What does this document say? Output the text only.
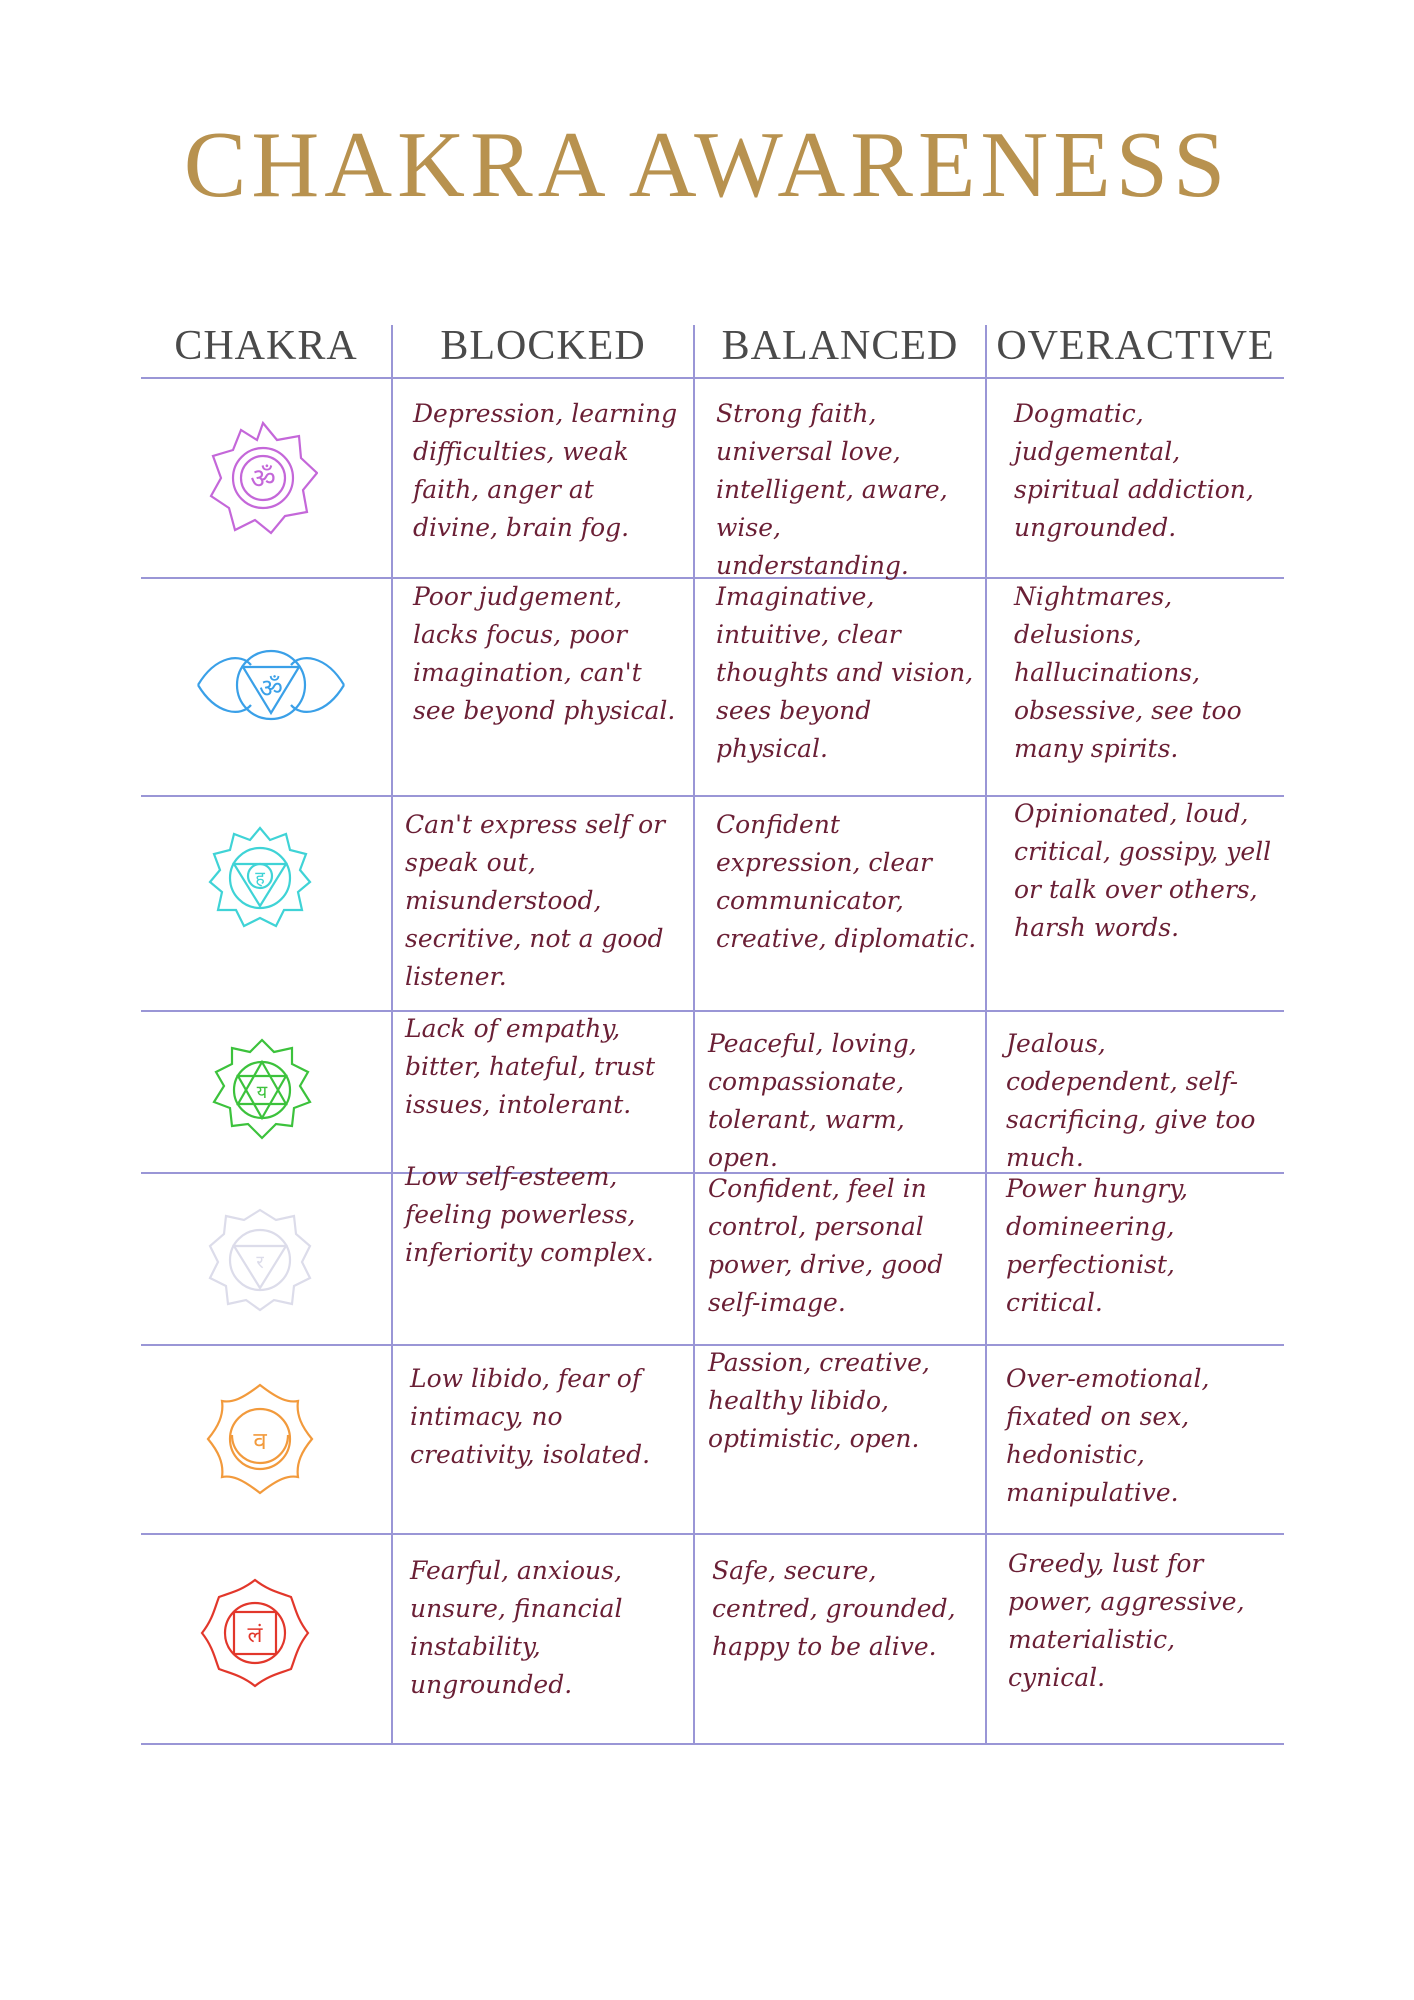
CHAKRA AWARENESS
CHAKRA	BLOCKED	BALANCED OVERACTIVE
ॐ
Depression, learning difficulties, weak faith, anger at divine, brain fog.
Strong faith, universal love, intelligent, aware, wise, understanding.
Dogmatic, judgemental, spiritual addiction, ungrounded.
ॐ
Poor judgement, lacks focus, poor imagination, can't see beyond physical.
Imaginative, intuitive, clear thoughts and vision, sees beyond physical.
Nightmares, delusions, hallucinations, obsessive, see too many spirits.
ह
Can't express self or speak out, misunderstood, secritive, not a good listener.
Confident expression, clear communicator, creative, diplomatic.
Opinionated, loud, critical, gossipy, yell or talk over others, harsh words.
य
Lack of empathy, bitter, hateful, trust issues, intolerant.
Peaceful, loving, compassionate, tolerant, warm, open.
Jealous, codependent, self-sacrificing, give too much.
र
Low self-esteem, feeling powerless, inferiority complex.
Confident, feel in control, personal power, drive, good self-image.
Power hungry, domineering, perfectionist, critical.
व
Low libido, fear of intimacy, no creativity, isolated.
Passion, creative, healthy libido, optimistic, open.
Over-emotional, fixated on sex, hedonistic, manipulative.
लं
Fearful, anxious, unsure, financial instability, ungrounded.
Safe, secure, centred, grounded, happy to be alive.
Greedy, lust for power, aggressive, materialistic, cynical.
